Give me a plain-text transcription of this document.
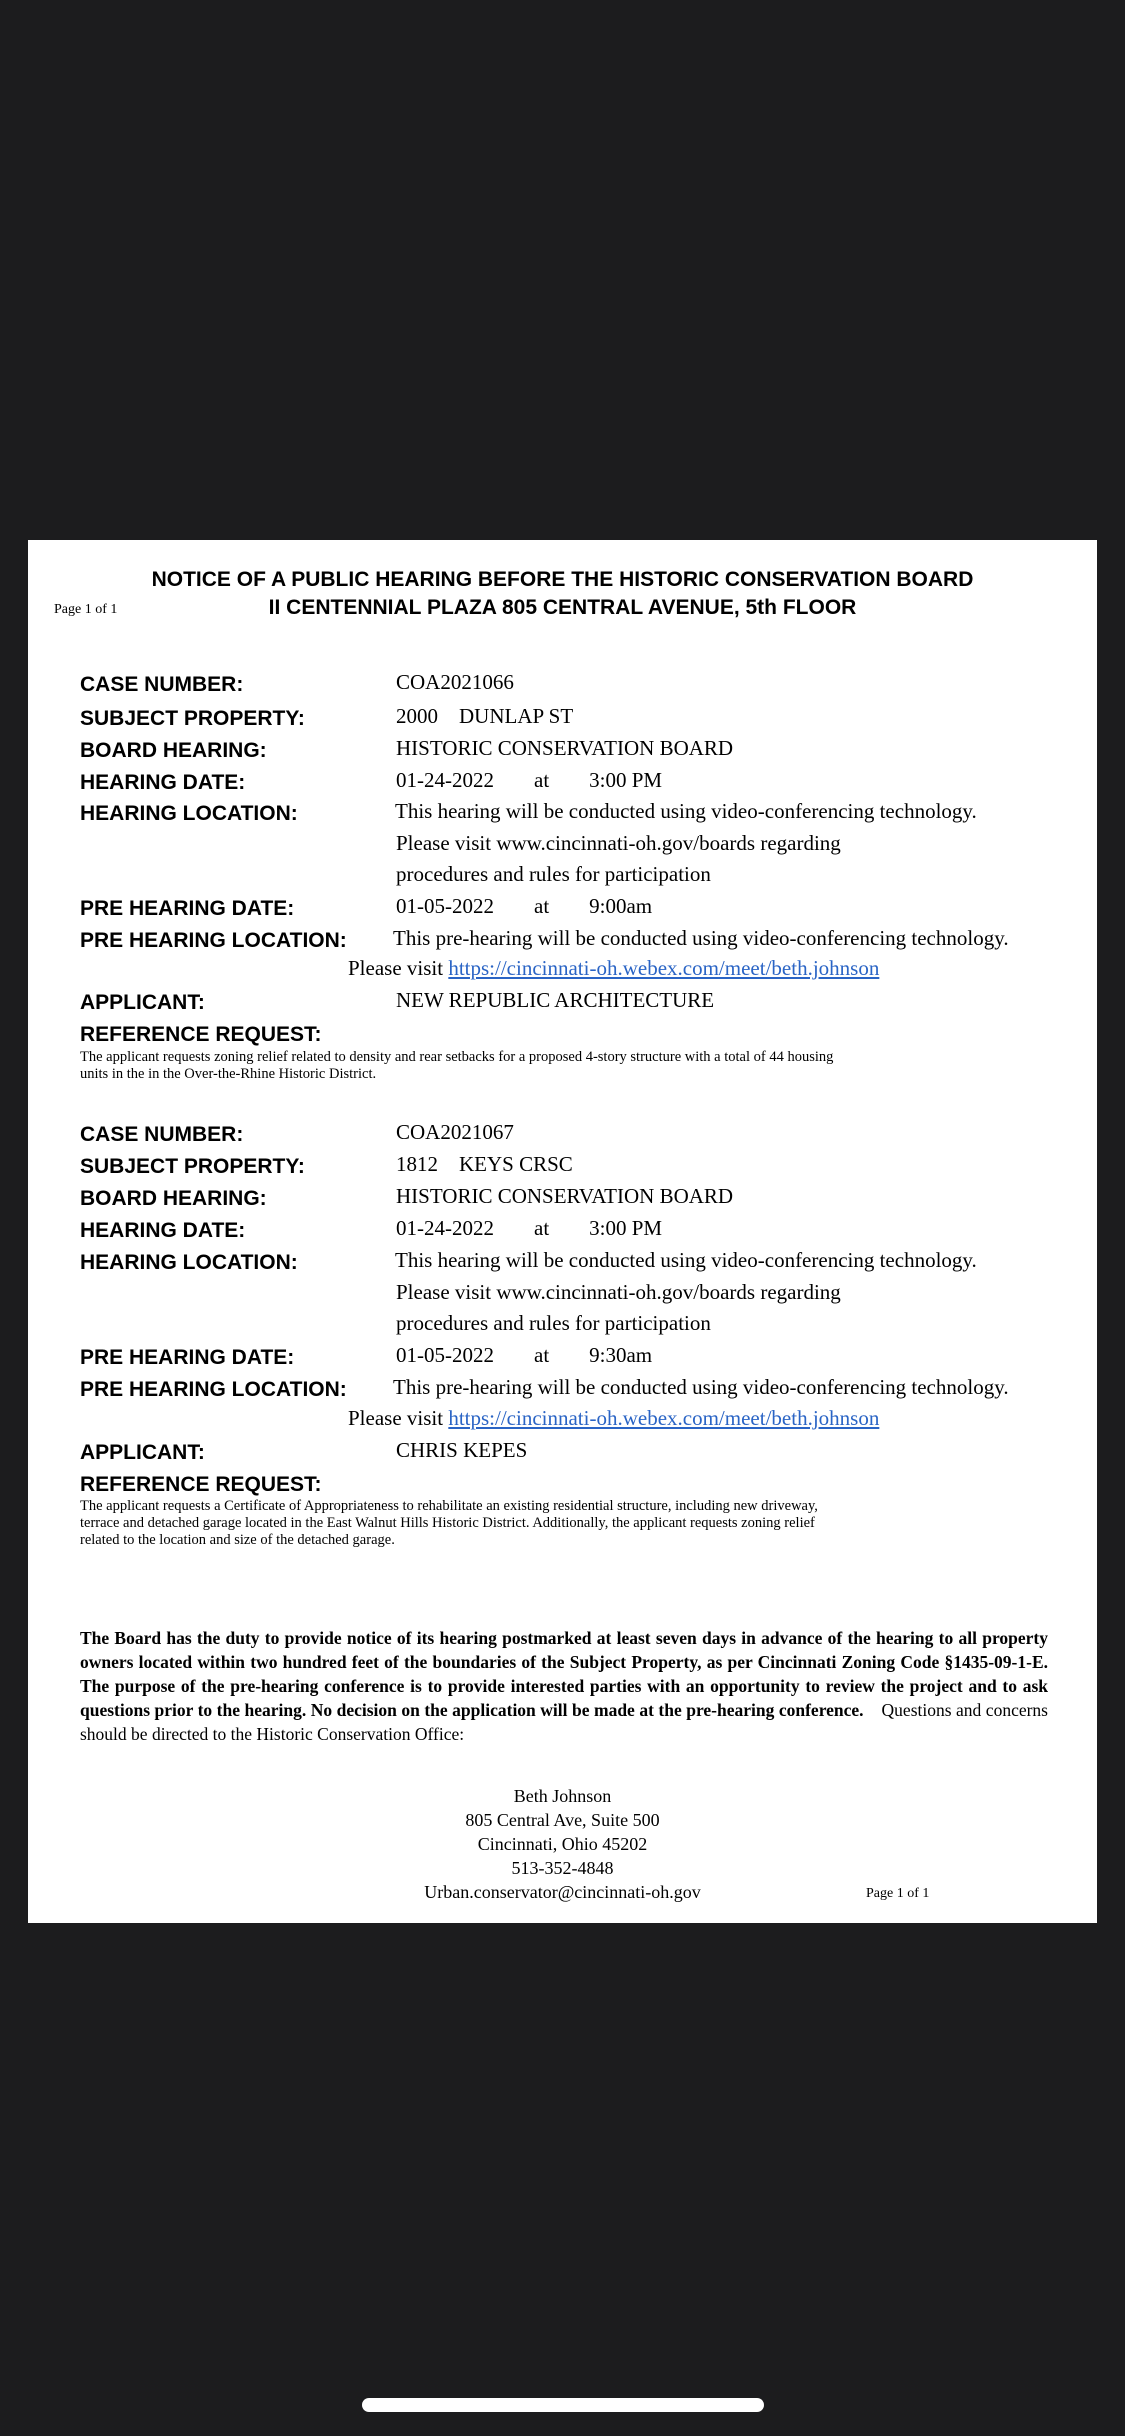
NOTICE OF A PUBLIC HEARING BEFORE THE HISTORIC CONSERVATION BOARD
Page 1 of 1	II CENTENNIAL PLAZA 805 CENTRAL AVENUE, 5th FLOOR
CASE NUMBER:	COA2021066
SUBJECT PROPERTY:	2000 DUNLAP ST
BOARD HEARING:	HISTORIC CONSERVATION BOARD
HEARING DATE:	01-24-2022 at 3:00 PM
HEARING LOCATION:	This hearing will be conducted using video-conferencing technology.
Please visit www.cincinnati-oh.gov/boards regarding
procedures and rules for participation
PRE HEARING DATE:	01-05-2022 at 9:00am
PRE HEARING LOCATION: This pre-hearing will be conducted using video-conferencing technology.
Please visit https://cincinnati-oh.webex.com/meet/beth.johnson
APPLICANT:	NEW REPUBLIC ARCHITECTURE
REFERENCE REQUEST:
The applicant requests zoning relief related to density and rear setbacks for a proposed 4-story structure with a total of 44 housing
units in the in the Over-the-Rhine Historic District.
CASE NUMBER:	COA2021067
SUBJECT PROPERTY:	1812 KEYS CRSC
BOARD HEARING:	HISTORIC CONSERVATION BOARD
HEARING DATE:	01-24-2022 at 3:00 PM
HEARING LOCATION:	This hearing will be conducted using video-conferencing technology.
Please visit www.cincinnati-oh.gov/boards regarding
procedures and rules for participation
PRE HEARING DATE:	01-05-2022 at 9:30am
PRE HEARING LOCATION: This pre-hearing will be conducted using video-conferencing technology.
Please visit https://cincinnati-oh.webex.com/meet/beth.johnson
APPLICANT:	CHRIS KEPES
REFERENCE REQUEST:
The applicant requests a Certificate of Appropriateness to rehabilitate an existing residential structure, including new driveway,
terrace and detached garage located in the East Walnut Hills Historic District. Additionally, the applicant requests zoning relief
related to the location and size of the detached garage.
The Board has the duty to provide notice of its hearing postmarked at least seven days in advance of the hearing to all property owners located within two hundred feet of the boundaries of the Subject Property, as per Cincinnati Zoning Code §1435-09-1-E. The purpose of the pre-hearing conference is to provide interested parties with an opportunity to review the project and to ask questions prior to the hearing. No decision on the application will be made at the pre-hearing conference. Questions and concerns should be directed to the Historic Conservation Office:
Beth Johnson
805 Central Ave, Suite 500
Cincinnati, Ohio 45202
513-352-4848
Urban.conservator@cincinnati-oh.gov	Page 1 of 1
